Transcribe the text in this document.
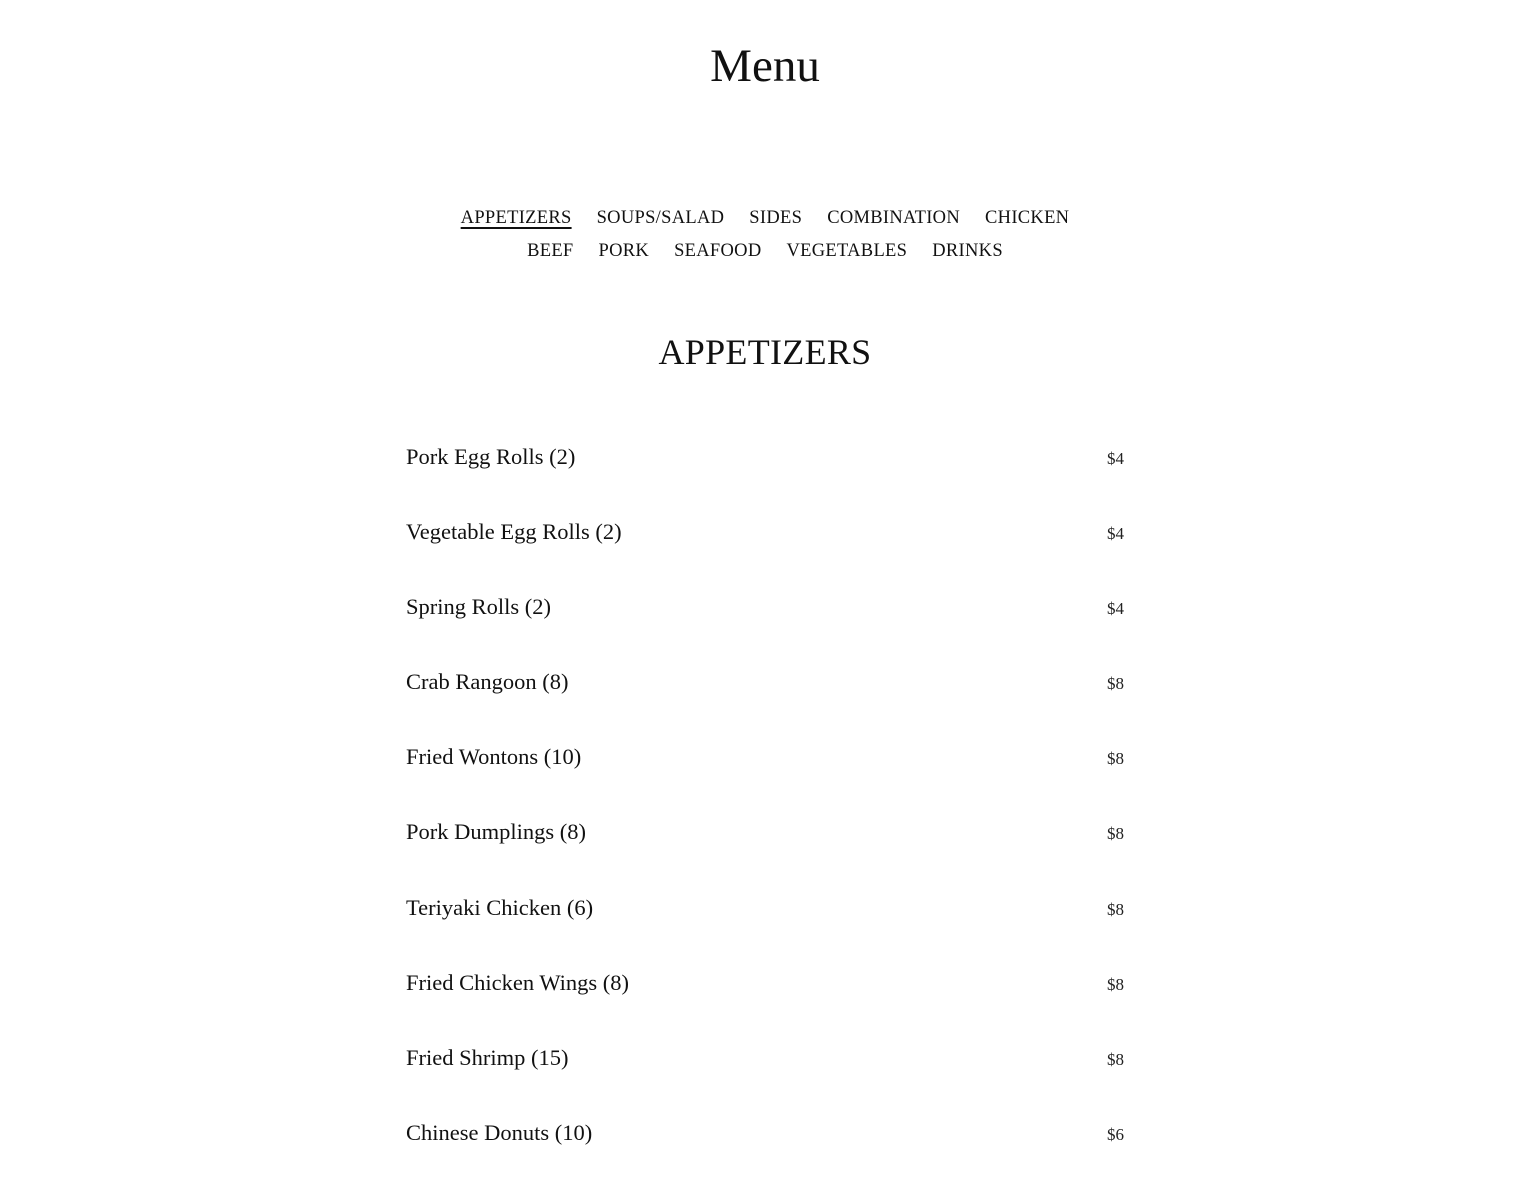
Menu
APPETIZERS SOUPS/SALAD SIDES COMBINATION CHICKEN
BEEF PORK SEAFOOD VEGETABLES DRINKS
APPETIZERS
Pork Egg Rolls (2)	$4
Vegetable Egg Rolls (2)	$4
Spring Rolls (2)	$4
Crab Rangoon (8)	$8
Fried Wontons (10)	$8
Pork Dumplings (8)	$8
Teriyaki Chicken (6)	$8
Fried Chicken Wings (8)	$8
Fried Shrimp (15)	$8
Chinese Donuts (10)	$6
